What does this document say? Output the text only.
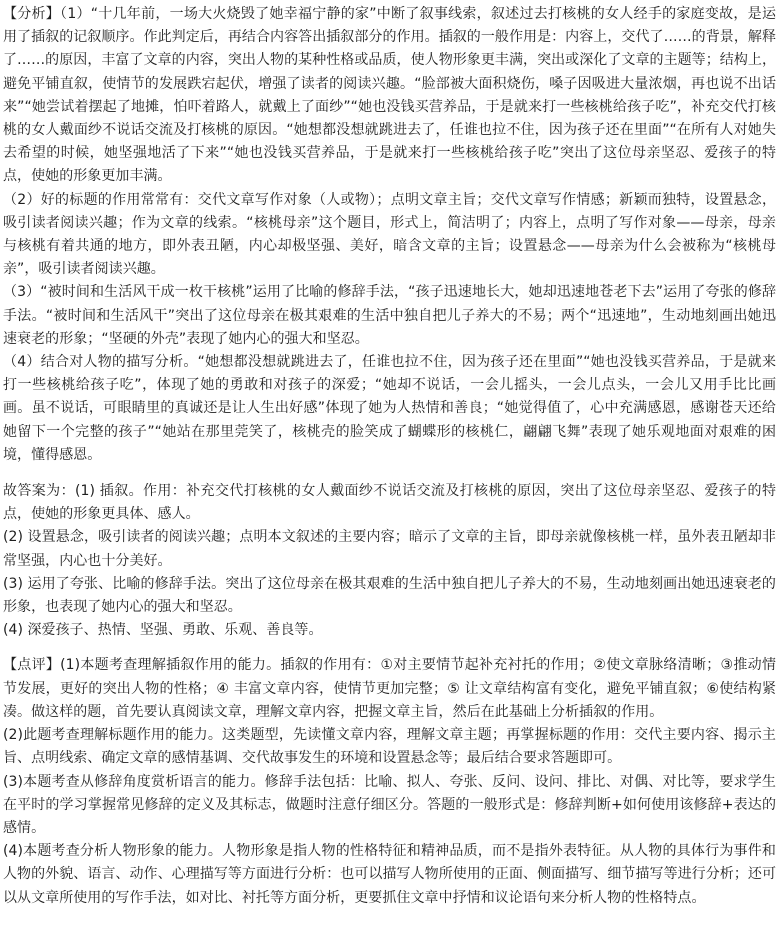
【分析】（1）“十几年前，一场大火烧毁了她幸福宁静的家”中断了叙事线索，叙述过去打核桃的女人经手的家庭变故，是运用了插叙的记叙顺序。作此判定后，再结合内容答出插叙部分的作用。插叙的一般作用是：内容上，交代了……的背景，解释了……的原因，丰富了文章的内容，突出人物的某种性格或品质，使人物形象更丰满，突出或深化了文章的主题等；结构上，避免平铺直叙，使情节的发展跌宕起伏，增强了读者的阅读兴趣。“脸部被大面积烧伤，嗓子因吸进大量浓烟，再也说不出话来”“她尝试着摆起了地摊，怕吓着路人，就戴上了面纱”“她也没钱买营养品，于是就来打一些核桃给孩子吃”，补充交代打核桃的女人戴面纱不说话交流及打核桃的原因。“她想都没想就跳进去了，任谁也拉不住，因为孩子还在里面”“在所有人对她失去希望的时候，她坚强地活了下来”“她也没钱买营养品，于是就来打一些核桃给孩子吃”突出了这位母亲坚忍、爱孩子的特点，使她的形象更加丰满。

（2）好的标题的作用常常有：交代文章写作对象（人或物）；点明文章主旨；交代文章写作情感；新颖而独特，设置悬念，吸引读者阅读兴趣；作为文章的线索。“核桃母亲”这个题目，形式上，简洁明了；内容上，点明了写作对象——母亲，母亲与核桃有着共通的地方，即外表丑陋，内心却极坚强、美好，暗含文章的主旨；设置悬念——母亲为什么会被称为“核桃母亲”，吸引读者阅读兴趣。

（3）“被时间和生活风干成一枚干核桃”运用了比喻的修辞手法，“孩子迅速地长大，她却迅速地苍老下去”运用了夸张的修辞手法。“被时间和生活风干”突出了这位母亲在极其艰难的生活中独自把儿子养大的不易；两个“迅速地”，生动地刻画出她迅速衰老的形象；“坚硬的外壳”表现了她内心的强大和坚忍。

（4）结合对人物的描写分析。“她想都没想就跳进去了，任谁也拉不住，因为孩子还在里面”“她也没钱买营养品，于是就来打一些核桃给孩子吃”，体现了她的勇敢和对孩子的深爱；“她却不说话，一会儿摇头，一会儿点头，一会儿又用手比比画画。虽不说话，可眼睛里的真诚还是让人生出好感”体现了她为人热情和善良；“她觉得值了，心中充满感恩，感谢苍天还给她留下一个完整的孩子”“她站在那里莞笑了，核桃壳的脸笑成了蝴蝶形的核桃仁，翩翩飞舞”表现了她乐观地面对艰难的困境，懂得感恩。

故答案为：(1) 插叙。作用：补充交代打核桃的女人戴面纱不说话交流及打核桃的原因，突出了这位母亲坚忍、爱孩子的特点，使她的形象更具体、感人。

(2) 设置悬念，吸引读者的阅读兴趣；点明本文叙述的主要内容；暗示了文章的主旨，即母亲就像核桃一样，虽外表丑陋却非常坚强，内心也十分美好。

(3) 运用了夸张、比喻的修辞手法。突出了这位母亲在极其艰难的生活中独自把儿子养大的不易，生动地刻画出她迅速衰老的形象，也表现了她内心的强大和坚忍。

(4) 深爱孩子、热情、坚强、勇敢、乐观、善良等。

【点评】(1)本题考查理解插叙作用的能力。插叙的作用有：①对主要情节起补充衬托的作用；②使文章脉络清晰；③推动情节发展，更好的突出人物的性格；④ 丰富文章内容，使情节更加完整；⑤ 让文章结构富有变化，避免平铺直叙；⑥使结构紧凑。做这样的题，首先要认真阅读文章，理解文章内容，把握文章主旨，然后在此基础上分析插叙的作用。

(2)此题考查理解标题作用的能力。这类题型，先读懂文章内容，理解文章主题；再掌握标题的作用：交代主要内容、揭示主旨、点明线索、确定文章的感情基调、交代故事发生的环境和设置悬念等；最后结合要求答题即可。

(3)本题考查从修辞角度赏析语言的能力。修辞手法包括：比喻、拟人、夸张、反问、设问、排比、对偶、对比等，要求学生在平时的学习掌握常见修辞的定义及其标志，做题时注意仔细区分。答题的一般形式是：修辞判断+如何使用该修辞+表达的感情。

(4)本题考查分析人物形象的能力。人物形象是指人物的性格特征和精神品质，而不是指外表特征。从人物的具体行为事件和人物的外貌、语言、动作、心理描写等方面进行分析：也可以描写人物所使用的正面、侧面描写、细节描写等进行分析；还可以从文章所使用的写作手法，如对比、衬托等方面分析，更要抓住文章中抒情和议论语句来分析人物的性格特点。
